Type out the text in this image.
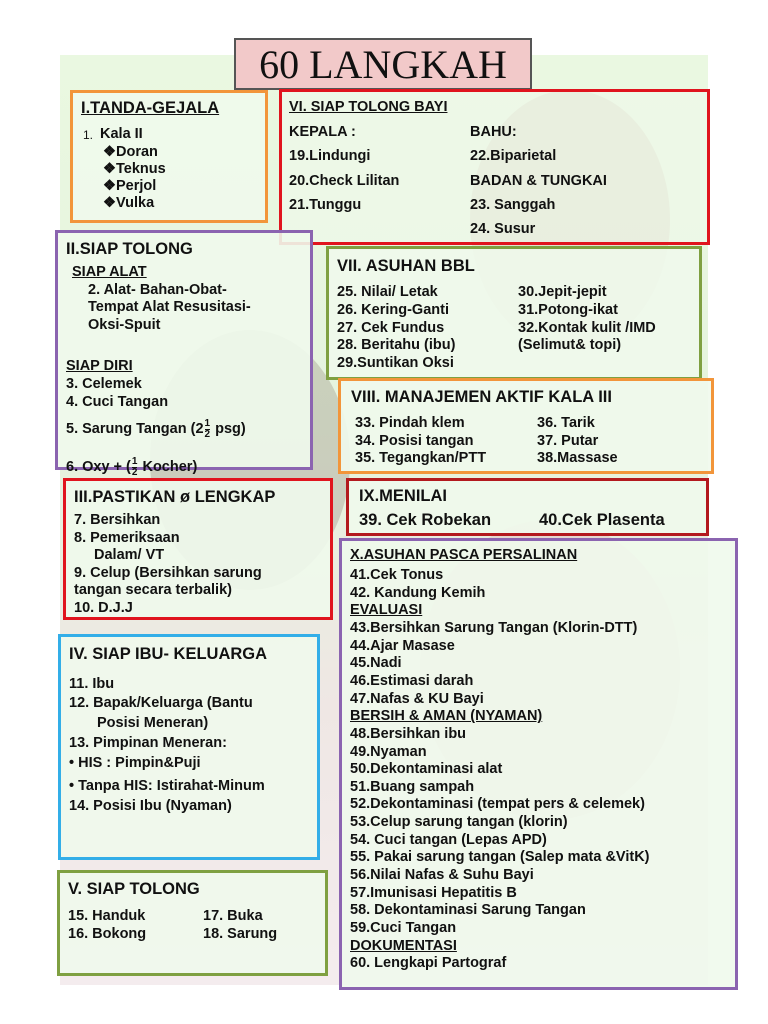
60 LANGKAH
I.TANDA-GEJALA
1. Kala II
❖Doran
❖Teknus
❖Perjol
❖Vulka
VI. SIAP TOLONG BAYI
KEPALA :
19.Lindungi
20.Check Lilitan
21.Tunggu
BAHU:
22.Biparietal
BADAN & TUNGKAI
23. Sanggah
24. Susur
II.SIAP TOLONG
SIAP ALAT
2. Alat- Bahan-Obat-
Tempat Alat Resusitasi-
Oksi-Spuit
SIAP DIRI
3. Celemek
4. Cuci Tangan
5. Sarung Tangan $(2 \frac{1}{2} psg)$
6. Oxy + ( $\frac{1}{2}$ Kocher)
VII. ASUHAN BBL
25. Nilai/ Letak
26. Kering-Ganti
27. Cek Fundus
28. Beritahu (ibu)
29.Suntikan Oksi
30.Jepit-jepit
31.Potong-ikat
32.Kontak kulit /IMD
(Selimut& topi)
VIII. MANAJEMEN AKTIF KALA III
33. Pindah klem
34. Posisi tangan
35. Tegangkan/PTT
36. Tarik
37. Putar
38.Massase
III.PASTIKAN ø LENGKAP
7. Bersihkan
8. Pemeriksaan
Dalam/ VT
9. Celup (Bersihkan sarung
tangan secara terbalik)
10. D.J.J
IX.MENILAI
39. Cek Robekan	40.Cek Plasenta
X.ASUHAN PASCA PERSALINAN
41.Cek Tonus
42. Kandung Kemih
EVALUASI
43.Bersihkan Sarung Tangan (Klorin-DTT)
44.Ajar Masase
45.Nadi
46.Estimasi darah
47.Nafas & KU Bayi
BERSIH & AMAN (NYAMAN)
48.Bersihkan ibu
49.Nyaman
50.Dekontaminasi alat
51.Buang sampah
52.Dekontaminasi (tempat pers & celemek)
53.Celup sarung tangan (klorin)
54. Cuci tangan (Lepas APD)
55. Pakai sarung tangan (Salep mata &VitK)
56.Nilai Nafas & Suhu Bayi
57.Imunisasi Hepatitis B
58. Dekontaminasi Sarung Tangan
59.Cuci Tangan
DOKUMENTASI
60. Lengkapi Partograf
IV. SIAP IBU- KELUARGA
11. Ibu
12. Bapak/Keluarga (Bantu
Posisi Meneran)
13. Pimpinan Meneran:
• HIS : Pimpin&Puji
• Tanpa HIS: Istirahat-Minum
14. Posisi Ibu (Nyaman)
V. SIAP TOLONG
15. Handuk
16. Bokong
17. Buka
18. Sarung
